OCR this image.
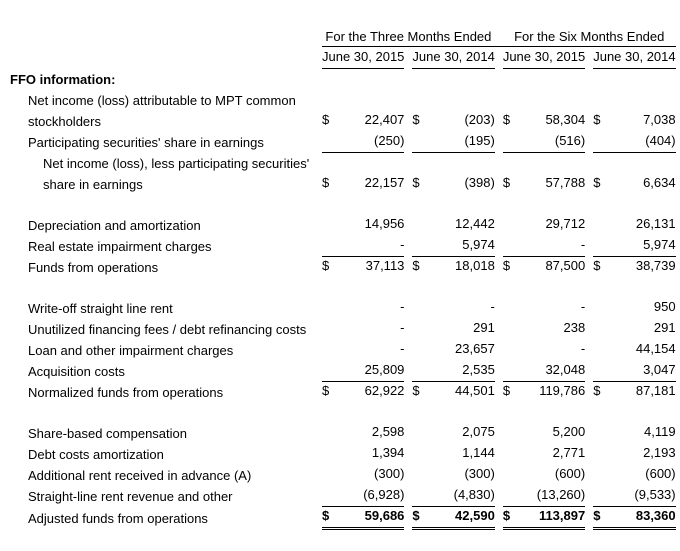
	For the Three Months Ended						For the Six Months Ended				
	June 30, 2015			June 30, 2014			June 30, 2015			June 30, 2014	
FFO information:											
Net income (loss) attributable to MPT common											
stockholders	$	22,407		$	(203)		$	58,304		$	7,038
Participating securities' share in earnings		(250)			(195)			(516)			(404)
Net income (loss), less participating securities'											
share in earnings	$	22,157		$	(398)		$	57,788		$	6,634

Depreciation and amortization		14,956			12,442			29,712			26,131
Real estate impairment charges		-			5,974			-			5,974
Funds from operations	$	37,113		$	18,018		$	87,500		$	38,739

Write-off straight line rent		-			-			-			950
Unutilized financing fees / debt refinancing costs		-			291			238			291
Loan and other impairment charges		-			23,657			-			44,154
Acquisition costs		25,809			2,535			32,048			3,047
Normalized funds from operations	$	62,922		$	44,501		$	119,786		$	87,181

Share-based compensation		2,598			2,075			5,200			4,119
Debt costs amortization		1,394			1,144			2,771			2,193
Additional rent received in advance (A)		(300)			(300)			(600)			(600)
Straight-line rent revenue and other		(6,928)			(4,830)			(13,260)			(9,533)
Adjusted funds from operations	$	59,686		$	42,590		$	113,897		$	83,360
